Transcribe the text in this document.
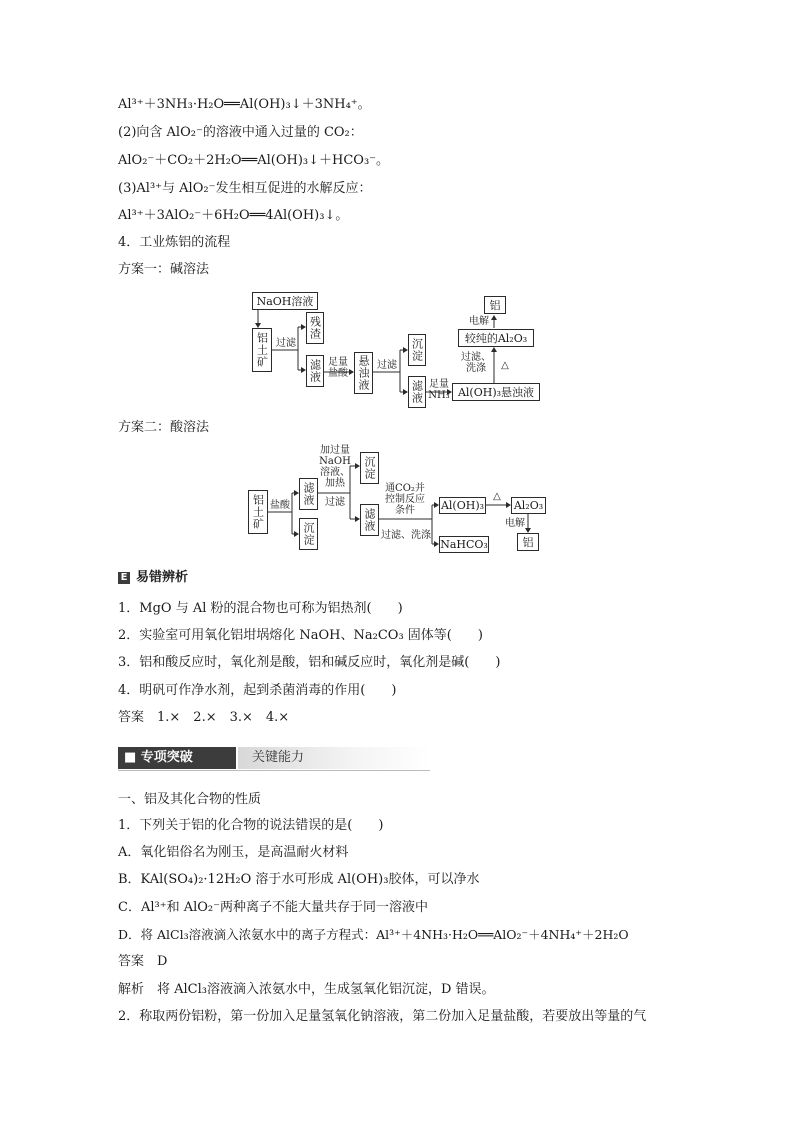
Al³⁺＋3NH₃·H₂O══Al(OH)₃↓＋3NH₄⁺。
(2)向含 AlO₂⁻的溶液中通入过量的 CO₂：
AlO₂⁻＋CO₂＋2H₂O══Al(OH)₃↓＋HCO₃⁻。
(3)Al³⁺与 AlO₂⁻发生相互促进的水解反应：
Al³⁺＋3AlO₂⁻＋6H₂O══4Al(OH)₃↓。
4．工业炼铝的流程
方案一：碱溶法
NaOH溶液
铝土矿 过滤
残渣
滤液 足量
盐酸 悬浊液 过滤
沉淀
滤液 足量
NH₃ Al(OH)₃悬浊液
过滤、
洗涤	△
较纯的Al₂O₃
电解
铝
方案二：酸溶法
铝土矿 盐酸 滤液
沉淀
加过量
NaOH
溶液、
加热
过滤
沉淀
滤液
通CO₂并
控制反应
条件
过滤、洗涤
Al(OH)₃
NaHCO₃
△
Al₂O₃
电解
铝
E 易错辨析
1．MgO 与 Al 粉的混合物也可称为铝热剂(　　)
2．实验室可用氧化铝坩埚熔化 NaOH、Na₂CO₃ 固体等(　　)
3．铝和酸反应时，氧化剂是酸，铝和碱反应时，氧化剂是碱(　　)
4．明矾可作净水剂，起到杀菌消毒的作用(　　)
答案　1.×　2.×　3.×　4.×
关键能力
■ 专项突破
一、铝及其化合物的性质
1．下列关于铝的化合物的说法错误的是(　　)
A．氧化铝俗名为刚玉，是高温耐火材料
B．KAl(SO₄)₂·12H₂O 溶于水可形成 Al(OH)₃胶体，可以净水
C．Al³⁺和 AlO₂⁻两种离子不能大量共存于同一溶液中
D．将 AlCl₃溶液滴入浓氨水中的离子方程式：Al³⁺＋4NH₃·H₂O══AlO₂⁻＋4NH₄⁺＋2H₂O
答案　D
解析　将 AlCl₃溶液滴入浓氨水中，生成氢氧化铝沉淀，D 错误。
2．称取两份铝粉，第一份加入足量氢氧化钠溶液，第二份加入足量盐酸，若要放出等量的气
